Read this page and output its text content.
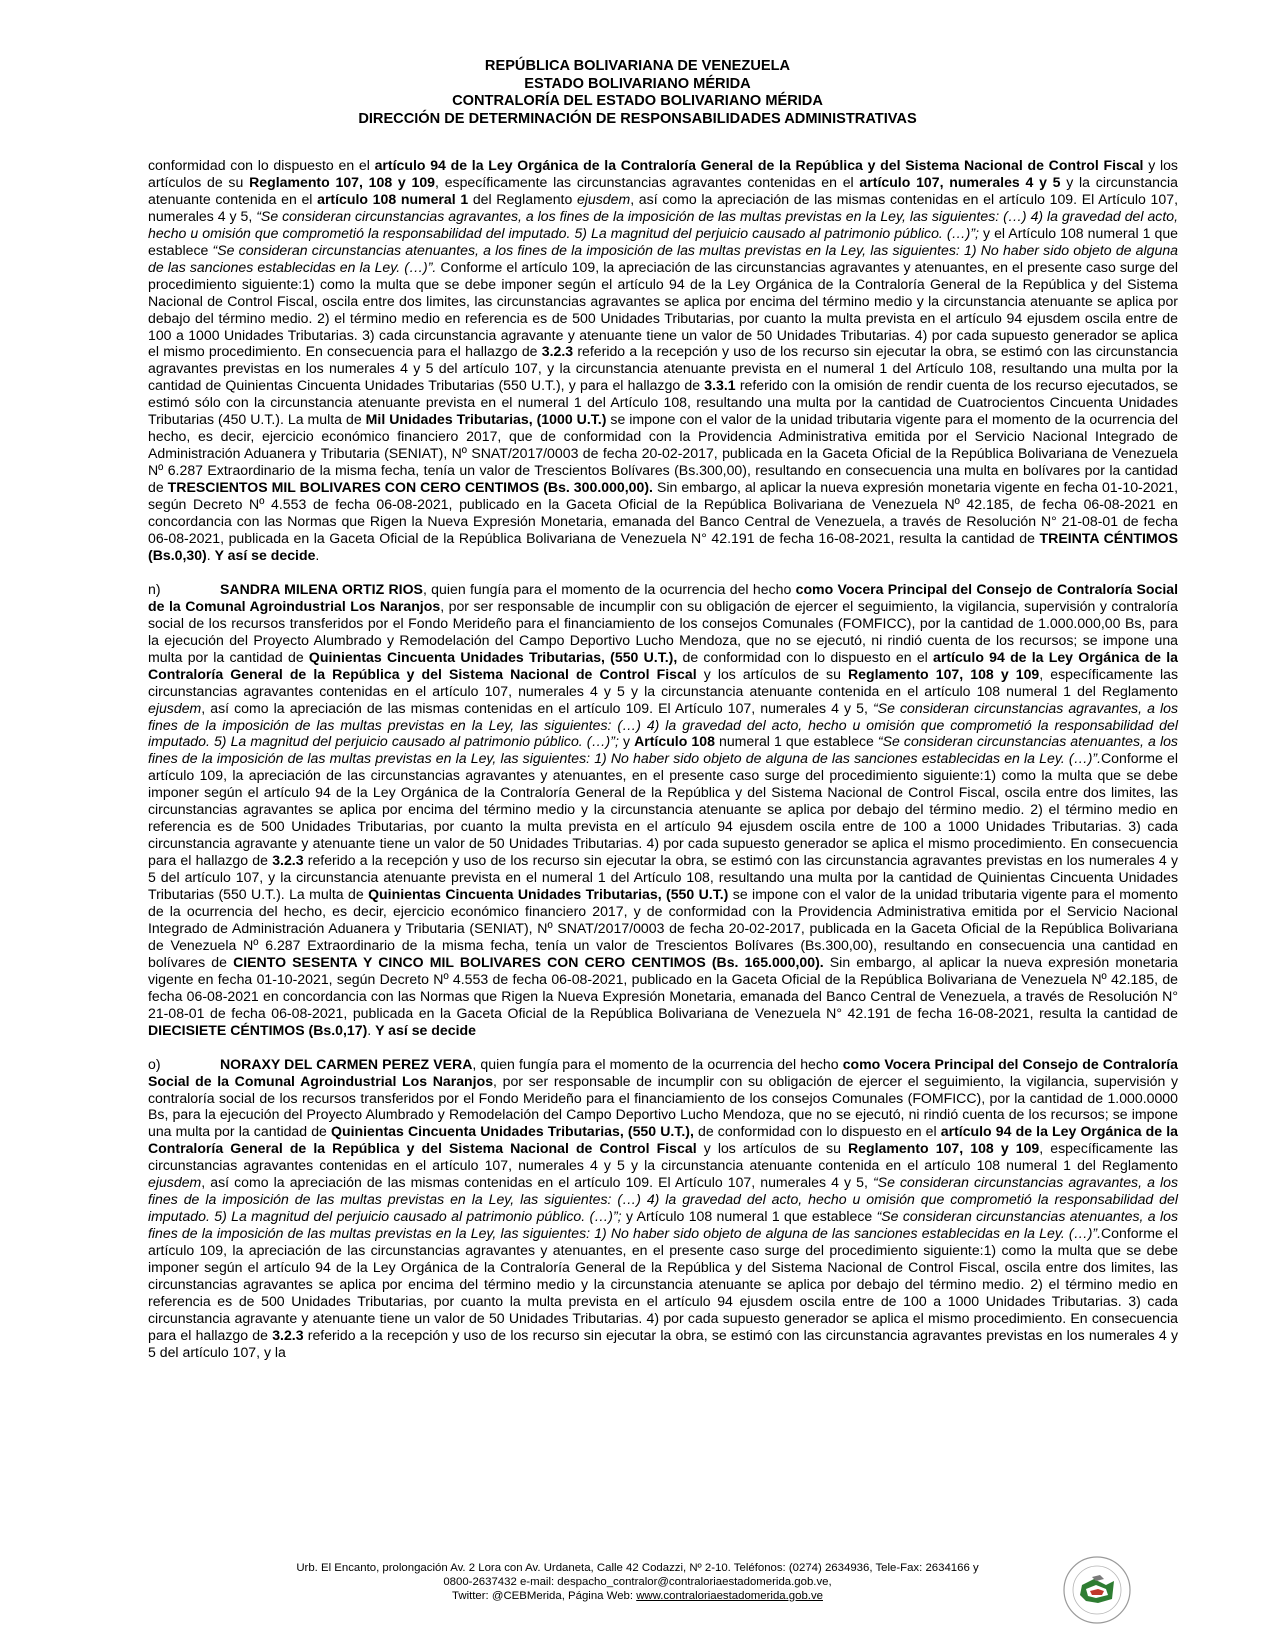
REPÚBLICA BOLIVARIANA DE VENEZUELA
ESTADO BOLIVARIANO MÉRIDA
CONTRALORÍA DEL ESTADO BOLIVARIANO MÉRIDA
DIRECCIÓN DE DETERMINACIÓN DE RESPONSABILIDADES ADMINISTRATIVAS

conformidad con lo dispuesto en el artículo 94 de la Ley Orgánica de la Contraloría General de la República y del Sistema Nacional de Control Fiscal y los artículos de su Reglamento 107, 108 y 109, específicamente las circunstancias agravantes contenidas en el artículo 107, numerales 4 y 5 y la circunstancia atenuante contenida en el artículo 108 numeral 1 del Reglamento ejusdem, así como la apreciación de las mismas contenidas en el artículo 109. El Artículo 107, numerales 4 y 5, “Se consideran circunstancias agravantes, a los fines de la imposición de las multas previstas en la Ley, las siguientes: (…) 4) la gravedad del acto, hecho u omisión que comprometió la responsabilidad del imputado. 5) La magnitud del perjuicio causado al patrimonio público. (…)”; y el Artículo 108 numeral 1 que establece “Se consideran circunstancias atenuantes, a los fines de la imposición de las multas previstas en la Ley, las siguientes: 1) No haber sido objeto de alguna de las sanciones establecidas en la Ley. (…)”. Conforme el artículo 109, la apreciación de las circunstancias agravantes y atenuantes, en el presente caso surge del procedimiento siguiente:1) como la multa que se debe imponer según el artículo 94 de la Ley Orgánica de la Contraloría General de la República y del Sistema Nacional de Control Fiscal, oscila entre dos limites, las circunstancias agravantes se aplica por encima del término medio y la circunstancia atenuante se aplica por debajo del término medio. 2) el término medio en referencia es de 500 Unidades Tributarias, por cuanto la multa prevista en el artículo 94 ejusdem oscila entre de 100 a 1000 Unidades Tributarias. 3) cada circunstancia agravante y atenuante tiene un valor de 50 Unidades Tributarias. 4) por cada supuesto generador se aplica el mismo procedimiento. En consecuencia para el hallazgo de 3.2.3 referido a la recepción y uso de los recurso sin ejecutar la obra, se estimó con las circunstancia agravantes previstas en los numerales 4 y 5 del artículo 107, y la circunstancia atenuante prevista en el numeral 1 del Artículo 108, resultando una multa por la cantidad de Quinientas Cincuenta Unidades Tributarias (550 U.T.), y para el hallazgo de 3.3.1 referido con la omisión de rendir cuenta de los recurso ejecutados, se estimó sólo con la circunstancia atenuante prevista en el numeral 1 del Artículo 108, resultando una multa por la cantidad de Cuatrocientos Cincuenta Unidades Tributarias (450 U.T.). La multa de Mil Unidades Tributarias, (1000 U.T.) se impone con el valor de la unidad tributaria vigente para el momento de la ocurrencia del hecho, es decir, ejercicio económico financiero 2017, que de conformidad con la Providencia Administrativa emitida por el Servicio Nacional Integrado de Administración Aduanera y Tributaria (SENIAT), Nº SNAT/2017/0003 de fecha 20-02-2017, publicada en la Gaceta Oficial de la República Bolivariana de Venezuela Nº 6.287 Extraordinario de la misma fecha, tenía un valor de Trescientos Bolívares (Bs.300,00), resultando en consecuencia una multa en bolívares por la cantidad de TRESCIENTOS MIL BOLIVARES CON CERO CENTIMOS (Bs. 300.000,00). Sin embargo, al aplicar la nueva expresión monetaria vigente en fecha 01-10-2021, según Decreto Nº 4.553 de fecha 06-08-2021, publicado en la Gaceta Oficial de la República Bolivariana de Venezuela Nº 42.185, de fecha 06-08-2021 en concordancia con las Normas que Rigen la Nueva Expresión Monetaria, emanada del Banco Central de Venezuela, a través de Resolución N° 21-08-01 de fecha 06-08-2021, publicada en la Gaceta Oficial de la República Bolivariana de Venezuela N° 42.191 de fecha 16-08-2021, resulta la cantidad de TREINTA CÉNTIMOS (Bs.0,30). Y así se decide.

n)	SANDRA MILENA ORTIZ RIOS, quien fungía para el momento de la ocurrencia del hecho como Vocera Principal del Consejo de Contraloría Social de la Comunal Agroindustrial Los Naranjos, por ser responsable de incumplir con su obligación de ejercer el seguimiento, la vigilancia, supervisión y contraloría social de los recursos transferidos por el Fondo Merideño para el financiamiento de los consejos Comunales (FOMFICC), por la cantidad de 1.000.000,00 Bs, para la ejecución del Proyecto Alumbrado y Remodelación del Campo Deportivo Lucho Mendoza, que no se ejecutó, ni rindió cuenta de los recursos; se impone una multa por la cantidad de Quinientas Cincuenta Unidades Tributarias, (550 U.T.), de conformidad con lo dispuesto en el artículo 94 de la Ley Orgánica de la Contraloría General de la República y del Sistema Nacional de Control Fiscal y los artículos de su Reglamento 107, 108 y 109, específicamente las circunstancias agravantes contenidas en el artículo 107, numerales 4 y 5 y la circunstancia atenuante contenida en el artículo 108 numeral 1 del Reglamento ejusdem, así como la apreciación de las mismas contenidas en el artículo 109. El Artículo 107, numerales 4 y 5, “Se consideran circunstancias agravantes, a los fines de la imposición de las multas previstas en la Ley, las siguientes: (…) 4) la gravedad del acto, hecho u omisión que comprometió la responsabilidad del imputado. 5) La magnitud del perjuicio causado al patrimonio público. (…)”; y Artículo 108 numeral 1 que establece “Se consideran circunstancias atenuantes, a los fines de la imposición de las multas previstas en la Ley, las siguientes: 1) No haber sido objeto de alguna de las sanciones establecidas en la Ley. (…)”.Conforme el artículo 109, la apreciación de las circunstancias agravantes y atenuantes, en el presente caso surge del procedimiento siguiente:1) como la multa que se debe imponer según el artículo 94 de la Ley Orgánica de la Contraloría General de la República y del Sistema Nacional de Control Fiscal, oscila entre dos limites, las circunstancias agravantes se aplica por encima del término medio y la circunstancia atenuante se aplica por debajo del término medio. 2) el término medio en referencia es de 500 Unidades Tributarias, por cuanto la multa prevista en el artículo 94 ejusdem oscila entre de 100 a 1000 Unidades Tributarias. 3) cada circunstancia agravante y atenuante tiene un valor de 50 Unidades Tributarias. 4) por cada supuesto generador se aplica el mismo procedimiento. En consecuencia para el hallazgo de 3.2.3 referido a la recepción y uso de los recurso sin ejecutar la obra, se estimó con las circunstancia agravantes previstas en los numerales 4 y 5 del artículo 107, y la circunstancia atenuante prevista en el numeral 1 del Artículo 108, resultando una multa por la cantidad de Quinientas Cincuenta Unidades Tributarias (550 U.T.). La multa de Quinientas Cincuenta Unidades Tributarias, (550 U.T.) se impone con el valor de la unidad tributaria vigente para el momento de la ocurrencia del hecho, es decir, ejercicio económico financiero 2017, y de conformidad con la Providencia Administrativa emitida por el Servicio Nacional Integrado de Administración Aduanera y Tributaria (SENIAT), Nº SNAT/2017/0003 de fecha 20-02-2017, publicada en la Gaceta Oficial de la República Bolivariana de Venezuela Nº 6.287 Extraordinario de la misma fecha, tenía un valor de Trescientos Bolívares (Bs.300,00), resultando en consecuencia una cantidad en bolívares de CIENTO SESENTA Y CINCO MIL BOLIVARES CON CERO CENTIMOS (Bs. 165.000,00). Sin embargo, al aplicar la nueva expresión monetaria vigente en fecha 01-10-2021, según Decreto Nº 4.553 de fecha 06-08-2021, publicado en la Gaceta Oficial de la República Bolivariana de Venezuela Nº 42.185, de fecha 06-08-2021 en concordancia con las Normas que Rigen la Nueva Expresión Monetaria, emanada del Banco Central de Venezuela, a través de Resolución N° 21-08-01 de fecha 06-08-2021, publicada en la Gaceta Oficial de la República Bolivariana de Venezuela N° 42.191 de fecha 16-08-2021, resulta la cantidad de DIECISIETE CÉNTIMOS (Bs.0,17). Y así se decide

o)	NORAXY DEL CARMEN PEREZ VERA, quien fungía para el momento de la ocurrencia del hecho como Vocera Principal del Consejo de Contraloría Social de la Comunal Agroindustrial Los Naranjos, por ser responsable de incumplir con su obligación de ejercer el seguimiento, la vigilancia, supervisión y contraloría social de los recursos transferidos por el Fondo Merideño para el financiamiento de los consejos Comunales (FOMFICC), por la cantidad de 1.000.0000 Bs, para la ejecución del Proyecto Alumbrado y Remodelación del Campo Deportivo Lucho Mendoza, que no se ejecutó, ni rindió cuenta de los recursos; se impone una multa por la cantidad de Quinientas Cincuenta Unidades Tributarias, (550 U.T.), de conformidad con lo dispuesto en el artículo 94 de la Ley Orgánica de la Contraloría General de la República y del Sistema Nacional de Control Fiscal y los artículos de su Reglamento 107, 108 y 109, específicamente las circunstancias agravantes contenidas en el artículo 107, numerales 4 y 5 y la circunstancia atenuante contenida en el artículo 108 numeral 1 del Reglamento ejusdem, así como la apreciación de las mismas contenidas en el artículo 109. El Artículo 107, numerales 4 y 5, “Se consideran circunstancias agravantes, a los fines de la imposición de las multas previstas en la Ley, las siguientes: (…) 4) la gravedad del acto, hecho u omisión que comprometió la responsabilidad del imputado. 5) La magnitud del perjuicio causado al patrimonio público. (…)”; y Artículo 108 numeral 1 que establece “Se consideran circunstancias atenuantes, a los fines de la imposición de las multas previstas en la Ley, las siguientes: 1) No haber sido objeto de alguna de las sanciones establecidas en la Ley. (…)”.Conforme el artículo 109, la apreciación de las circunstancias agravantes y atenuantes, en el presente caso surge del procedimiento siguiente:1) como la multa que se debe imponer según el artículo 94 de la Ley Orgánica de la Contraloría General de la República y del Sistema Nacional de Control Fiscal, oscila entre dos limites, las circunstancias agravantes se aplica por encima del término medio y la circunstancia atenuante se aplica por debajo del término medio. 2) el término medio en referencia es de 500 Unidades Tributarias, por cuanto la multa prevista en el artículo 94 ejusdem oscila entre de 100 a 1000 Unidades Tributarias. 3) cada circunstancia agravante y atenuante tiene un valor de 50 Unidades Tributarias. 4) por cada supuesto generador se aplica el mismo procedimiento. En consecuencia para el hallazgo de 3.2.3 referido a la recepción y uso de los recurso sin ejecutar la obra, se estimó con las circunstancia agravantes previstas en los numerales 4 y 5 del artículo 107, y la

Urb. El Encanto, prolongación Av. 2 Lora con Av. Urdaneta, Calle 42 Codazzi, Nº 2-10. Teléfonos: (0274) 2634936, Tele-Fax: 2634166 y
0800-2637432 e-mail: despacho_contralor@contraloriaestadomerida.gob.ve,
Twitter: @CEBMerida, Página Web: www.contraloriaestadomerida.gob.ve
